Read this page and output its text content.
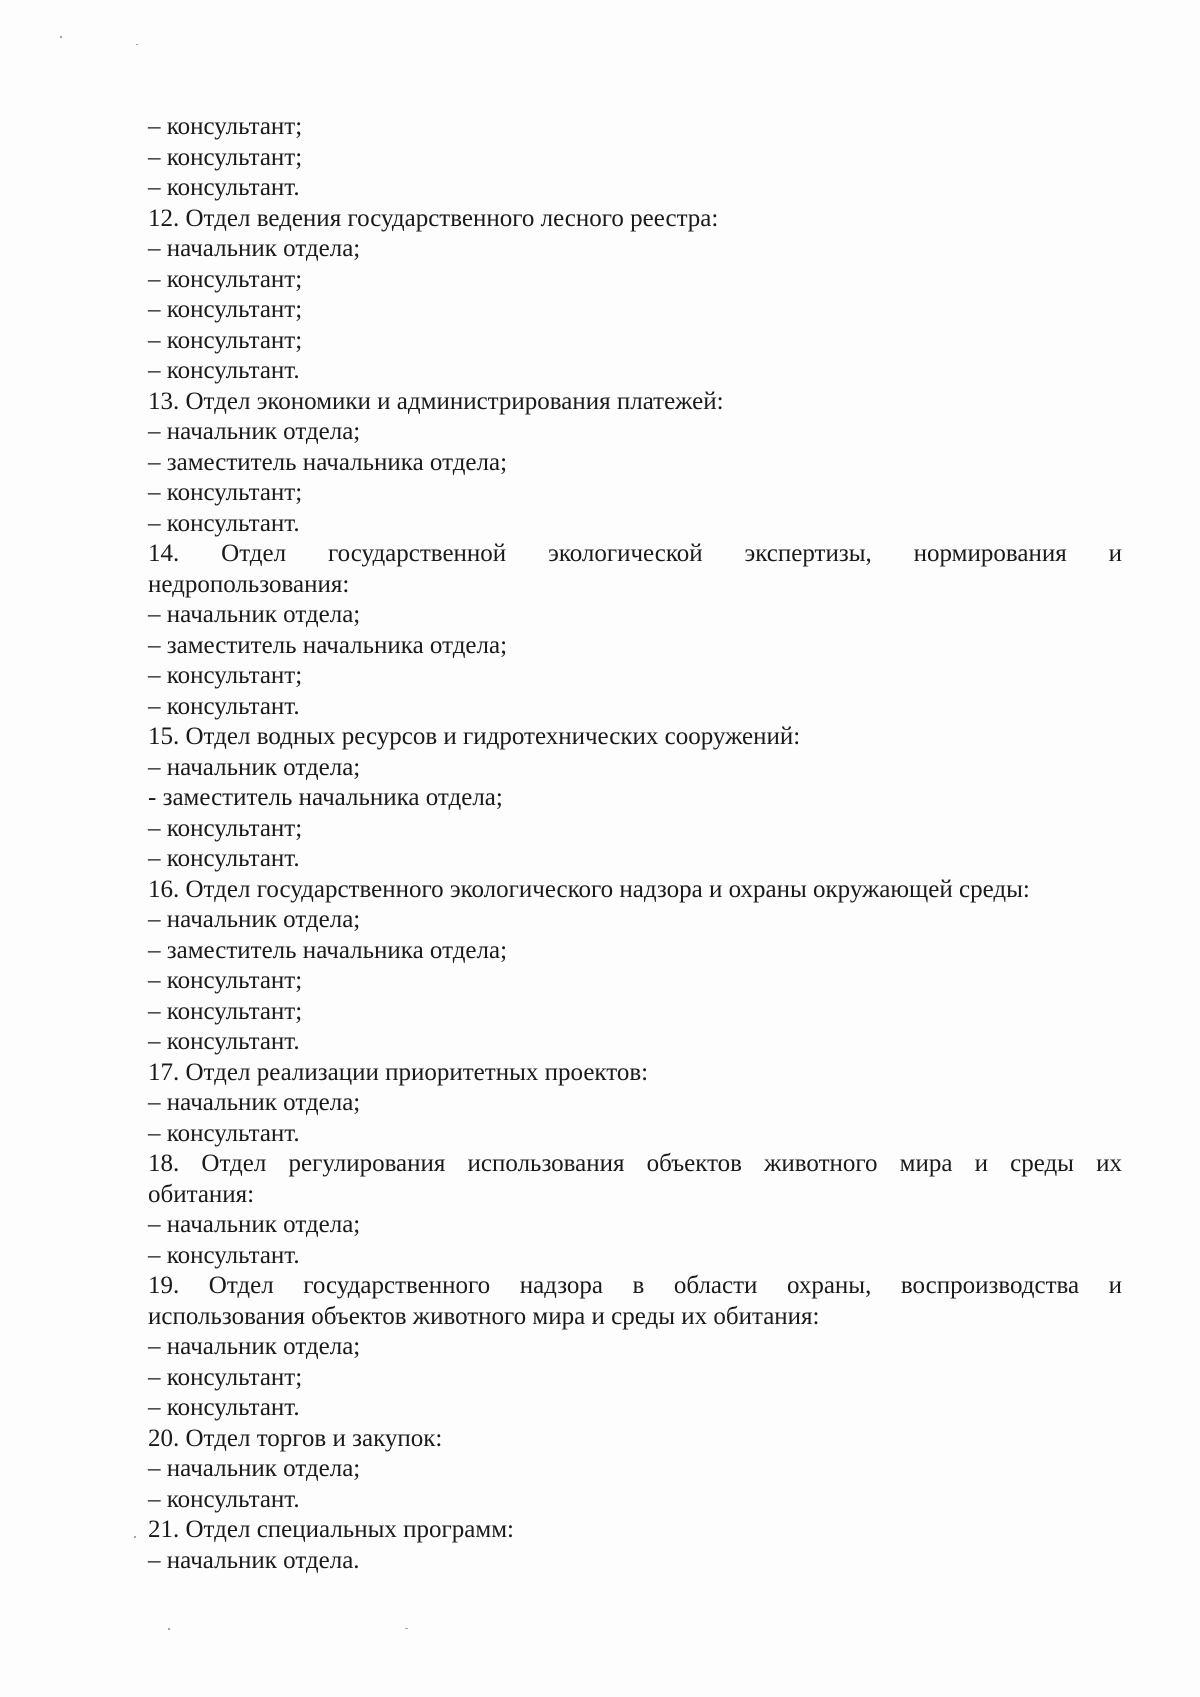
– консультант;
– консультант;
– консультант.
12. Отдел ведения государственного лесного реестра:
– начальник отдела;
– консультант;
– консультант;
– консультант;
– консультант.
13. Отдел экономики и администрирования платежей:
– начальник отдела;
– заместитель начальника отдела;
– консультант;
– консультант.
14. Отдел государственной экологической экспертизы, нормирования и
недропользования:
– начальник отдела;
– заместитель начальника отдела;
– консультант;
– консультант.
15. Отдел водных ресурсов и гидротехнических сооружений:
– начальник отдела;
- заместитель начальника отдела;
– консультант;
– консультант.
16. Отдел государственного экологического надзора и охраны окружающей среды:
– начальник отдела;
– заместитель начальника отдела;
– консультант;
– консультант;
– консультант.
17. Отдел реализации приоритетных проектов:
– начальник отдела;
– консультант.
18. Отдел регулирования использования объектов животного мира и среды их
обитания:
– начальник отдела;
– консультант.
19. Отдел государственного надзора в области охраны, воспроизводства и
использования объектов животного мира и среды их обитания:
– начальник отдела;
– консультант;
– консультант.
20. Отдел торгов и закупок:
– начальник отдела;
– консультант.
21. Отдел специальных программ:
– начальник отдела.
